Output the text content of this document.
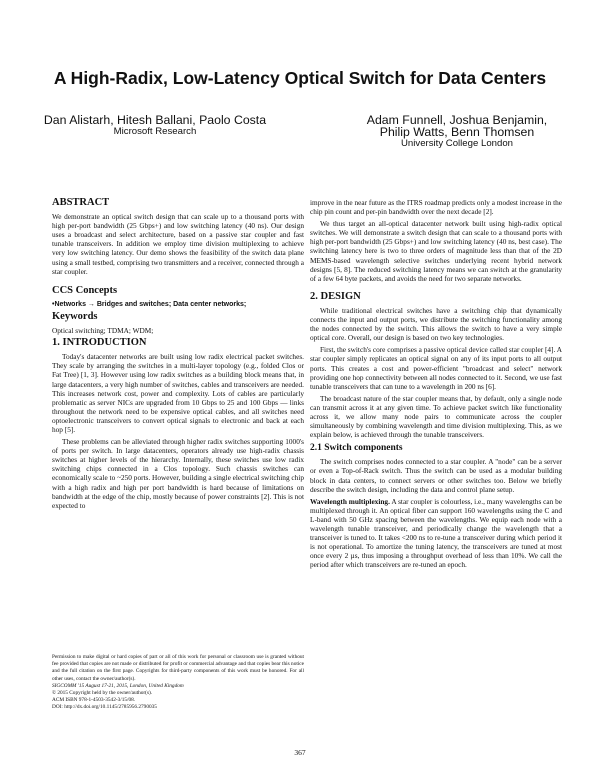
A High-Radix, Low-Latency Optical Switch for Data Centers
Dan Alistarh, Hitesh Ballani, Paolo Costa
Microsoft Research
Adam Funnell, Joshua Benjamin,
Philip Watts, Benn Thomsen
University College London
ABSTRACT

We demonstrate an optical switch design that can scale up to a thousand ports with high per-port bandwidth (25 Gbps+) and low switching latency (40 ns). Our design uses a broadcast and select architecture, based on a passive star coupler and fast tunable transceivers. In addition we employ time division multiplexing to achieve very low switching latency. Our demo shows the feasibility of the switch data plane using a small testbed, comprising two transmitters and a receiver, connected through a star coupler.

CCS Concepts

•Networks → Bridges and switches; Data center networks;

Keywords

Optical switching; TDMA; WDM;

1. INTRODUCTION

Today's datacenter networks are built using low radix electrical packet switches. They scale by arranging the switches in a multi-layer topology (e.g., folded Clos or Fat Tree) [1, 3]. However using low radix switches as a building block means that, in large datacenters, a very high number of switches, cables and transceivers are needed. This increases network cost, power and complexity. Lots of cables are particularly problematic as server NICs are upgraded from 10 Gbps to 25 and 100 Gbps — links throughout the network need to be expensive optical cables, and all switches need optoelectronic transceivers to convert optical signals to electronic and back at each hop [5].

These problems can be alleviated through higher radix switches supporting 1000's of ports per switch. In large datacenters, operators already use high-radix chassis switches at higher levels of the hierarchy. Internally, these switches use low radix switching chips connected in a Clos topology. Such chassis switches can economically scale to ~250 ports. However, building a single electrical switching chip with a high radix and high per port bandwidth is hard because of limitations on bandwidth at the edge of the chip, mostly because of power constraints [2]. This is not expected to

Permission to make digital or hard copies of part or all of this work for personal or classroom use is granted without fee provided that copies are not made or distributed for profit or commercial advantage and that copies bear this notice and the full citation on the first page. Copyrights for third-party components of this work must be honored. For all other uses, contact the owner/author(s).

SIGCOMM '15 August 17-21, 2015, London, United Kingdom

© 2015 Copyright held by the owner/author(s).

ACM ISBN 978-1-4503-3542-3/15/08.

DOI: http://dx.doi.org/10.1145/2785956.2790035

improve in the near future as the ITRS roadmap predicts only a modest increase in the chip pin count and per-pin bandwidth over the next decade [2].

We thus target an all-optical datacenter network built using high-radix optical switches. We will demonstrate a switch design that can scale to a thousand ports with high per-port bandwidth (25 Gbps+) and low switching latency (40 ns, best case). The switching latency here is two to three orders of magnitude less than that of the 2D MEMS-based wavelength selective switches underlying recent hybrid network designs [5, 8]. The reduced switching latency means we can switch at the granularity of a few 64 byte packets, and avoids the need for two separate networks.

2. DESIGN

While traditional electrical switches have a switching chip that dynamically connects the input and output ports, we distribute the switching functionality among the nodes connected by the switch. This allows the switch to have a very simple optical core. Overall, our design is based on two key technologies.

First, the switch's core comprises a passive optical device called star coupler [4]. A star coupler simply replicates an optical signal on any of its input ports to all output ports. This creates a cost and power-efficient "broadcast and select" network providing one hop connectivity between all nodes connected to it. Second, we use fast tunable transceivers that can tune to a wavelength in 200 ns [6].

The broadcast nature of the star coupler means that, by default, only a single node can transmit across it at any given time. To achieve packet switch like functionality across it, we allow many node pairs to communicate across the coupler simultaneously by combining wavelength and time division multiplexing. This, as we explain below, is achieved through the tunable transceivers.

2.1 Switch components

The switch comprises nodes connected to a star coupler. A "node" can be a server or even a Top-of-Rack switch. Thus the switch can be used as a modular building block in data centers, to connect servers or other switches too. Below we briefly describe the switch design, including the data and control plane setup.

Wavelength multiplexing. A star coupler is colourless, i.e., many wavelengths can be multiplexed through it. An optical fiber can support 160 wavelengths using the C and L-band with 50 GHz spacing between the wavelengths. We equip each node with a wavelength tunable transceiver, and periodically change the wavelength that a transceiver is tuned to. It takes <200 ns to re-tune a transceiver during which period it is not operational. To amortize the tuning latency, the transceivers are tuned at most once every 2 µs, thus imposing a throughput overhead of less than 10%. We call the period after which transceivers are re-tuned an epoch.

367
